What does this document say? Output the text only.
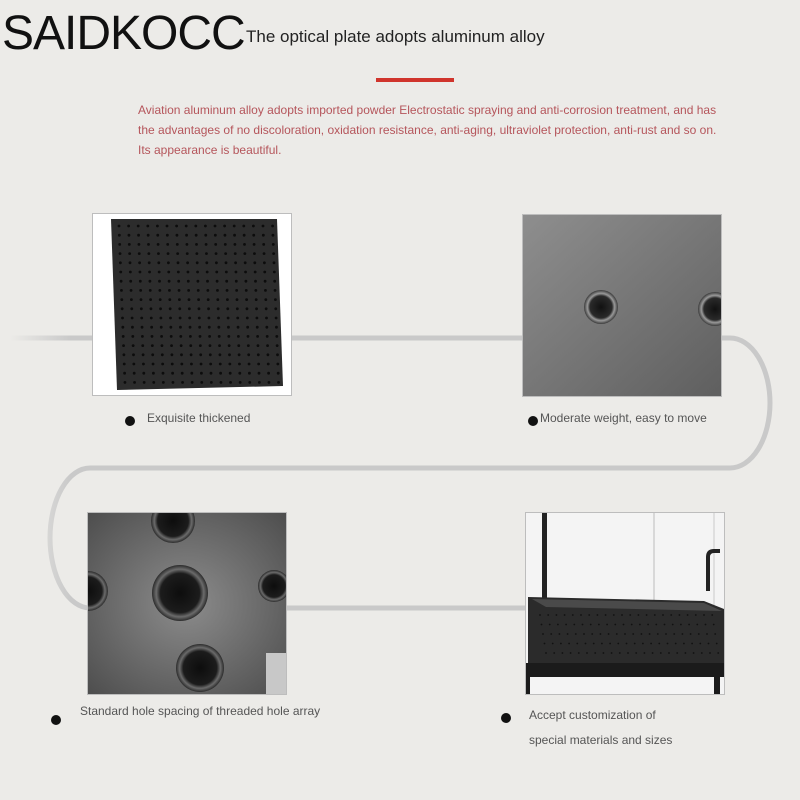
SAIDKOCC The optical plate adopts aluminum alloy
Aviation aluminum alloy adopts imported powder Electrostatic spraying and anti-corrosion treatment, and has the advantages of no discoloration, oxidation resistance, anti-aging, ultraviolet protection, anti-rust and so on. Its appearance is beautiful.
Exquisite thickened	Moderate weight, easy to move
Standard hole spacing of threaded hole array	Accept customization of
special materials and sizes
